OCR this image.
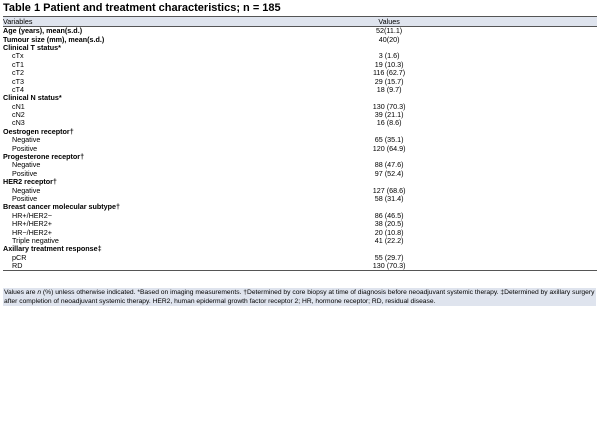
Table 1 Patient and treatment characteristics; n = 185
Variables	Values
Age (years), mean(s.d.)	52(11.1)
Tumour size (mm), mean(s.d.)	40(20)
Clinical T status*	
cTx	3 (1.6)
cT1	19 (10.3)
cT2	116 (62.7)
cT3	29 (15.7)
cT4	18 (9.7)
Clinical N status*	
cN1	130 (70.3)
cN2	39 (21.1)
cN3	16 (8.6)
Oestrogen receptor†	
Negative	65 (35.1)
Positive	120 (64.9)
Progesterone receptor†	
Negative	88 (47.6)
Positive	97 (52.4)
HER2 receptor†	
Negative	127 (68.6)
Positive	58 (31.4)
Breast cancer molecular subtype†	
HR+/HER2−	86 (46.5)
HR+/HER2+	38 (20.5)
HR−/HER2+	20 (10.8)
Triple negative	41 (22.2)
Axillary treatment response‡	
pCR	55 (29.7)
RD	130 (70.3)
Values are n (%) unless otherwise indicated. *Based on imaging measurements. †Determined by core biopsy at time of diagnosis before neoadjuvant systemic therapy. ‡Determined by axillary surgery after completion of neoadjuvant systemic therapy. HER2, human epidermal growth factor receptor 2; HR, hormone receptor; RD, residual disease.
